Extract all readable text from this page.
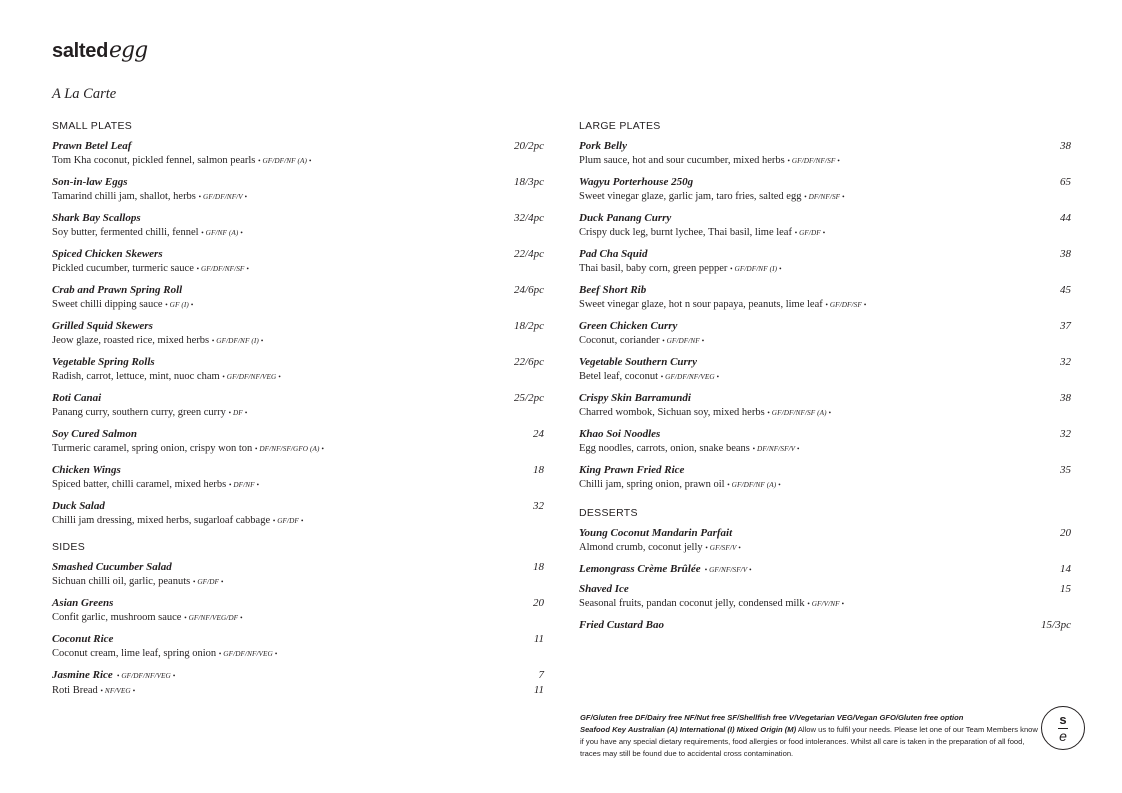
saltedegg
A La Carte
SMALL PLATES
Prawn Betel Leaf	20/2pc
Tom Kha coconut, pickled fennel, salmon pearls • GF/DF/NF (A) •
Son-in-law Eggs	18/3pc
Tamarind chilli jam, shallot, herbs • GF/DF/NF/V •
Shark Bay Scallops	32/4pc
Soy butter, fermented chilli, fennel • GF/NF (A) •
Spiced Chicken Skewers	22/4pc
Pickled cucumber, turmeric sauce • GF/DF/NF/SF •
Crab and Prawn Spring Roll	24/6pc
Sweet chilli dipping sauce • GF (I) •
Grilled Squid Skewers	18/2pc
Jeow glaze, roasted rice, mixed herbs • GF/DF/NF (I) •
Vegetable Spring Rolls	22/6pc
Radish, carrot, lettuce, mint, nuoc cham • GF/DF/NF/VEG •
Roti Canai	25/2pc
Panang curry, southern curry, green curry • DF •
Soy Cured Salmon	24
Turmeric caramel, spring onion, crispy won ton • DF/NF/SF/GFO (A) •
Chicken Wings	18
Spiced batter, chilli caramel, mixed herbs • DF/NF •
Duck Salad	32
Chilli jam dressing, mixed herbs, sugarloaf cabbage • GF/DF •
SIDES
Smashed Cucumber Salad	18
Sichuan chilli oil, garlic, peanuts • GF/DF •
Asian Greens	20
Confit garlic, mushroom sauce • GF/NF/VEG/DF •
Coconut Rice	11
Coconut cream, lime leaf, spring onion • GF/DF/NF/VEG •
Jasmine Rice • GF/DF/NF/VEG •	7
Roti Bread • NF/VEG •	11
LARGE PLATES
Pork Belly	38
Plum sauce, hot and sour cucumber, mixed herbs • GF/DF/NF/SF •
Wagyu Porterhouse 250g	65
Sweet vinegar glaze, garlic jam, taro fries, salted egg • DF/NF/SF •
Duck Panang Curry	44
Crispy duck leg, burnt lychee, Thai basil, lime leaf • GF/DF •
Pad Cha Squid	38
Thai basil, baby corn, green pepper • GF/DF/NF (I) •
Beef Short Rib	45
Sweet vinegar glaze, hot n sour papaya, peanuts, lime leaf • GF/DF/SF •
Green Chicken Curry	37
Coconut, coriander • GF/DF/NF •
Vegetable Southern Curry	32
Betel leaf, coconut • GF/DF/NF/VEG •
Crispy Skin Barramundi	38
Charred wombok, Sichuan soy, mixed herbs • GF/DF/NF/SF (A) •
Khao Soi Noodles	32
Egg noodles, carrots, onion, snake beans • DF/NF/SF/V •
King Prawn Fried Rice	35
Chilli jam, spring onion, prawn oil • GF/DF/NF (A) •
DESSERTS
Young Coconut Mandarin Parfait	20
Almond crumb, coconut jelly • GF/SF/V •
Lemongrass Crème Brûlée • GF/NF/SF/V •	14
Shaved Ice	15
Seasonal fruits, pandan coconut jelly, condensed milk • GF/V/NF •
Fried Custard Bao	15/3pc
GF/Gluten free DF/Dairy free NF/Nut free SF/Shellfish free V/Vegetarian VEG/Vegan GFO/Gluten free option
Seafood Key Australian (A) International (I) Mixed Origin (M) Allow us to fulfil your needs. Please let one of our Team Members know if you have any special dietary requirements, food allergies or food intolerances. Whilst all care is taken in the preparation of all food, traces may still be found due to accidental cross contamination.
s
e
